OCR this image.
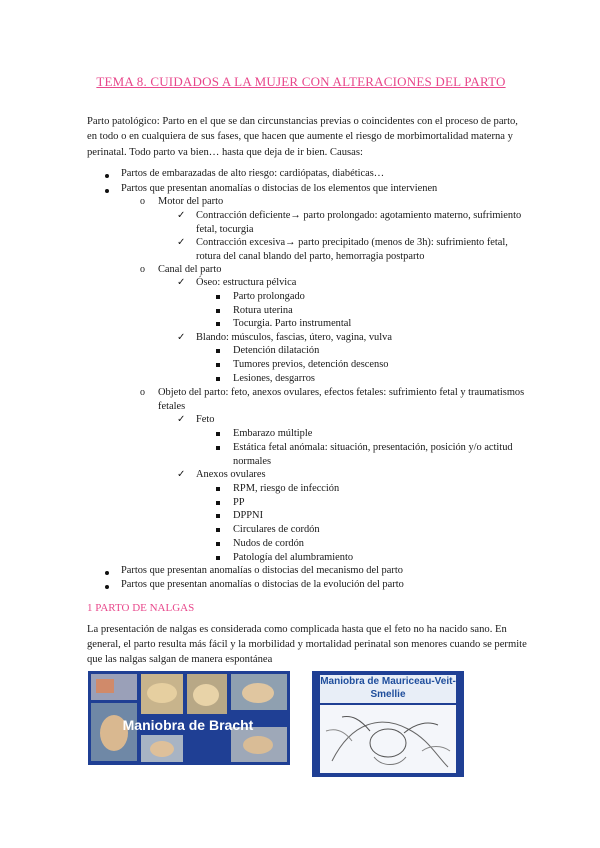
TEMA 8. CUIDADOS A LA MUJER CON ALTERACIONES DEL PARTO
Parto patológico: Parto en el que se dan circunstancias previas o coincidentes con el proceso de parto, en todo o en cualquiera de sus fases, que hacen que aumente el riesgo de morbimortalidad materna y perinatal. Todo parto va bien… hasta que deja de ir bien. Causas:
Partos de embarazadas de alto riesgo: cardiópatas, diabéticas…
Partos que presentan anomalías o distocias de los elementos que intervienen
o Motor del parto
✓ Contracción deficiente→ parto prolongado: agotamiento materno, sufrimiento fetal, tocurgia
✓ Contracción excesiva→ parto precipitado (menos de 3h): sufrimiento fetal, rotura del canal blando del parto, hemorragia postparto
o Canal del parto
✓ Óseo: estructura pélvica
Parto prolongado
Rotura uterina
Tocurgia. Parto instrumental
✓ Blando: músculos, fascias, útero, vagina, vulva
Detención dilatación
Tumores previos, detención descenso
Lesiones, desgarros
o Objeto del parto: feto, anexos ovulares, efectos fetales: sufrimiento fetal y traumatismos fetales
✓ Feto
Embarazo múltiple
Estática fetal anómala: situación, presentación, posición y/o actitud normales
✓ Anexos ovulares
RPM, riesgo de infección
PP
DPPNI
Circulares de cordón
Nudos de cordón
Patología del alumbramiento
Partos que presentan anomalías o distocias del mecanismo del parto
Partos que presentan anomalías o distocias de la evolución del parto
1 PARTO DE NALGAS
La presentación de nalgas es considerada como complicada hasta que el feto no ha nacido sano. En general, el parto resulta más fácil y la morbilidad y mortalidad perinatal son menores cuando se permite que las nalgas salgan de manera espontánea
Maniobra de Bracht
Maniobra de Mauriceau-Veit-Smellie
